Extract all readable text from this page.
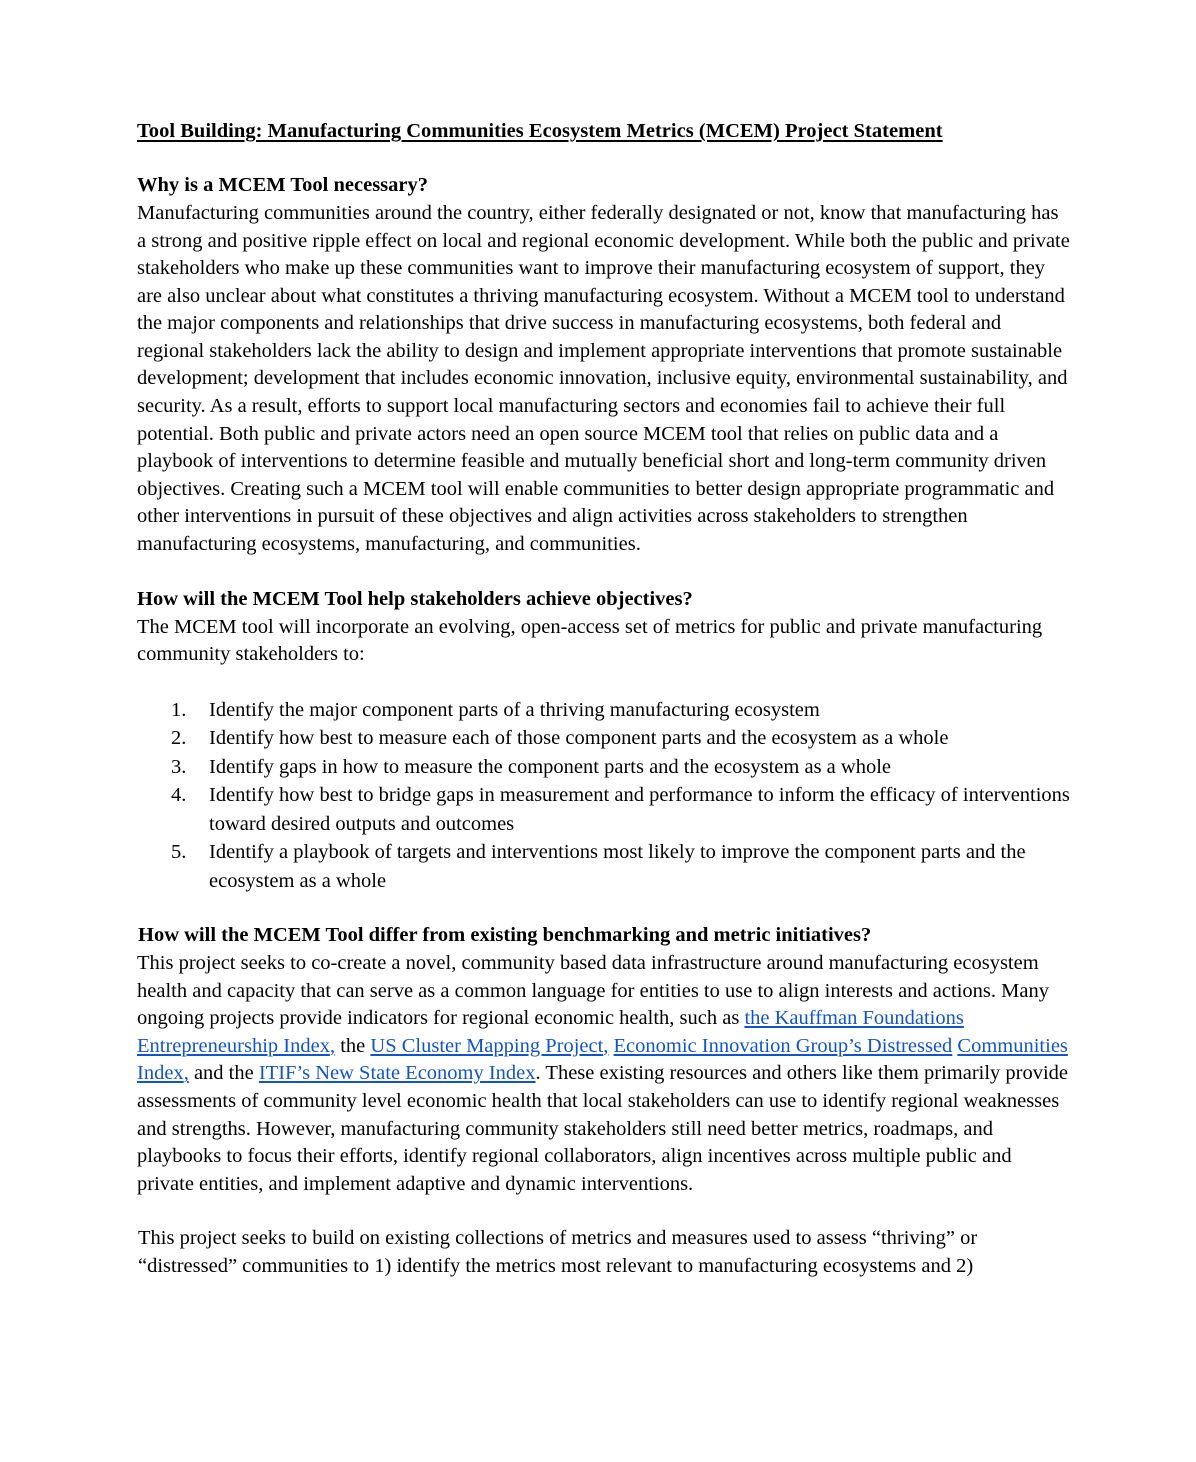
Tool Building: Manufacturing Communities Ecosystem Metrics (MCEM) Project Statement
Why is a MCEM Tool necessary?

Manufacturing communities around the country, either federally designated or not, know that manufacturing has a strong and positive ripple effect on local and regional economic development. While both the public and private stakeholders who make up these communities want to improve their manufacturing ecosystem of support, they are also unclear about what constitutes a thriving manufacturing ecosystem. Without a MCEM tool to understand the major components and relationships that drive success in manufacturing ecosystems, both federal and regional stakeholders lack the ability to design and implement appropriate interventions that promote sustainable development; development that includes economic innovation, inclusive equity, environmental sustainability, and security. As a result, efforts to support local manufacturing sectors and economies fail to achieve their full potential. Both public and private actors need an open source MCEM tool that relies on public data and a playbook of interventions to determine feasible and mutually beneficial short and long-term community driven objectives. Creating such a MCEM tool will enable communities to better design appropriate programmatic and other interventions in pursuit of these objectives and align activities across stakeholders to strengthen manufacturing ecosystems, manufacturing, and communities.

How will the MCEM Tool help stakeholders achieve objectives?

The MCEM tool will incorporate an evolving, open-access set of metrics for public and private manufacturing community stakeholders to:

1.	Identify the major component parts of a thriving manufacturing ecosystem
2.	Identify how best to measure each of those component parts and the ecosystem as a whole
3.	Identify gaps in how to measure the component parts and the ecosystem as a whole
4.	Identify how best to bridge gaps in measurement and performance to inform the efficacy of interventions toward desired outputs and outcomes
5.	Identify a playbook of targets and interventions most likely to improve the component parts and the ecosystem as a whole
How will the MCEM Tool differ from existing benchmarking and metric initiatives?

This project seeks to co-create a novel, community based data infrastructure around manufacturing ecosystem health and capacity that can serve as a common language for entities to use to align interests and actions. Many ongoing projects provide indicators for regional economic health, such as the Kauffman Foundations Entrepreneurship Index, the US Cluster Mapping Project, Economic Innovation Group’s Distressed Communities Index, and the ITIF’s New State Economy Index. These existing resources and others like them primarily provide assessments of community level economic health that local stakeholders can use to identify regional weaknesses and strengths. However, manufacturing community stakeholders still need better metrics, roadmaps, and playbooks to focus their efforts, identify regional collaborators, align incentives across multiple public and private entities, and implement adaptive and dynamic interventions.

This project seeks to build on existing collections of metrics and measures used to assess “thriving” or “distressed” communities to 1) identify the metrics most relevant to manufacturing ecosystems and 2)
